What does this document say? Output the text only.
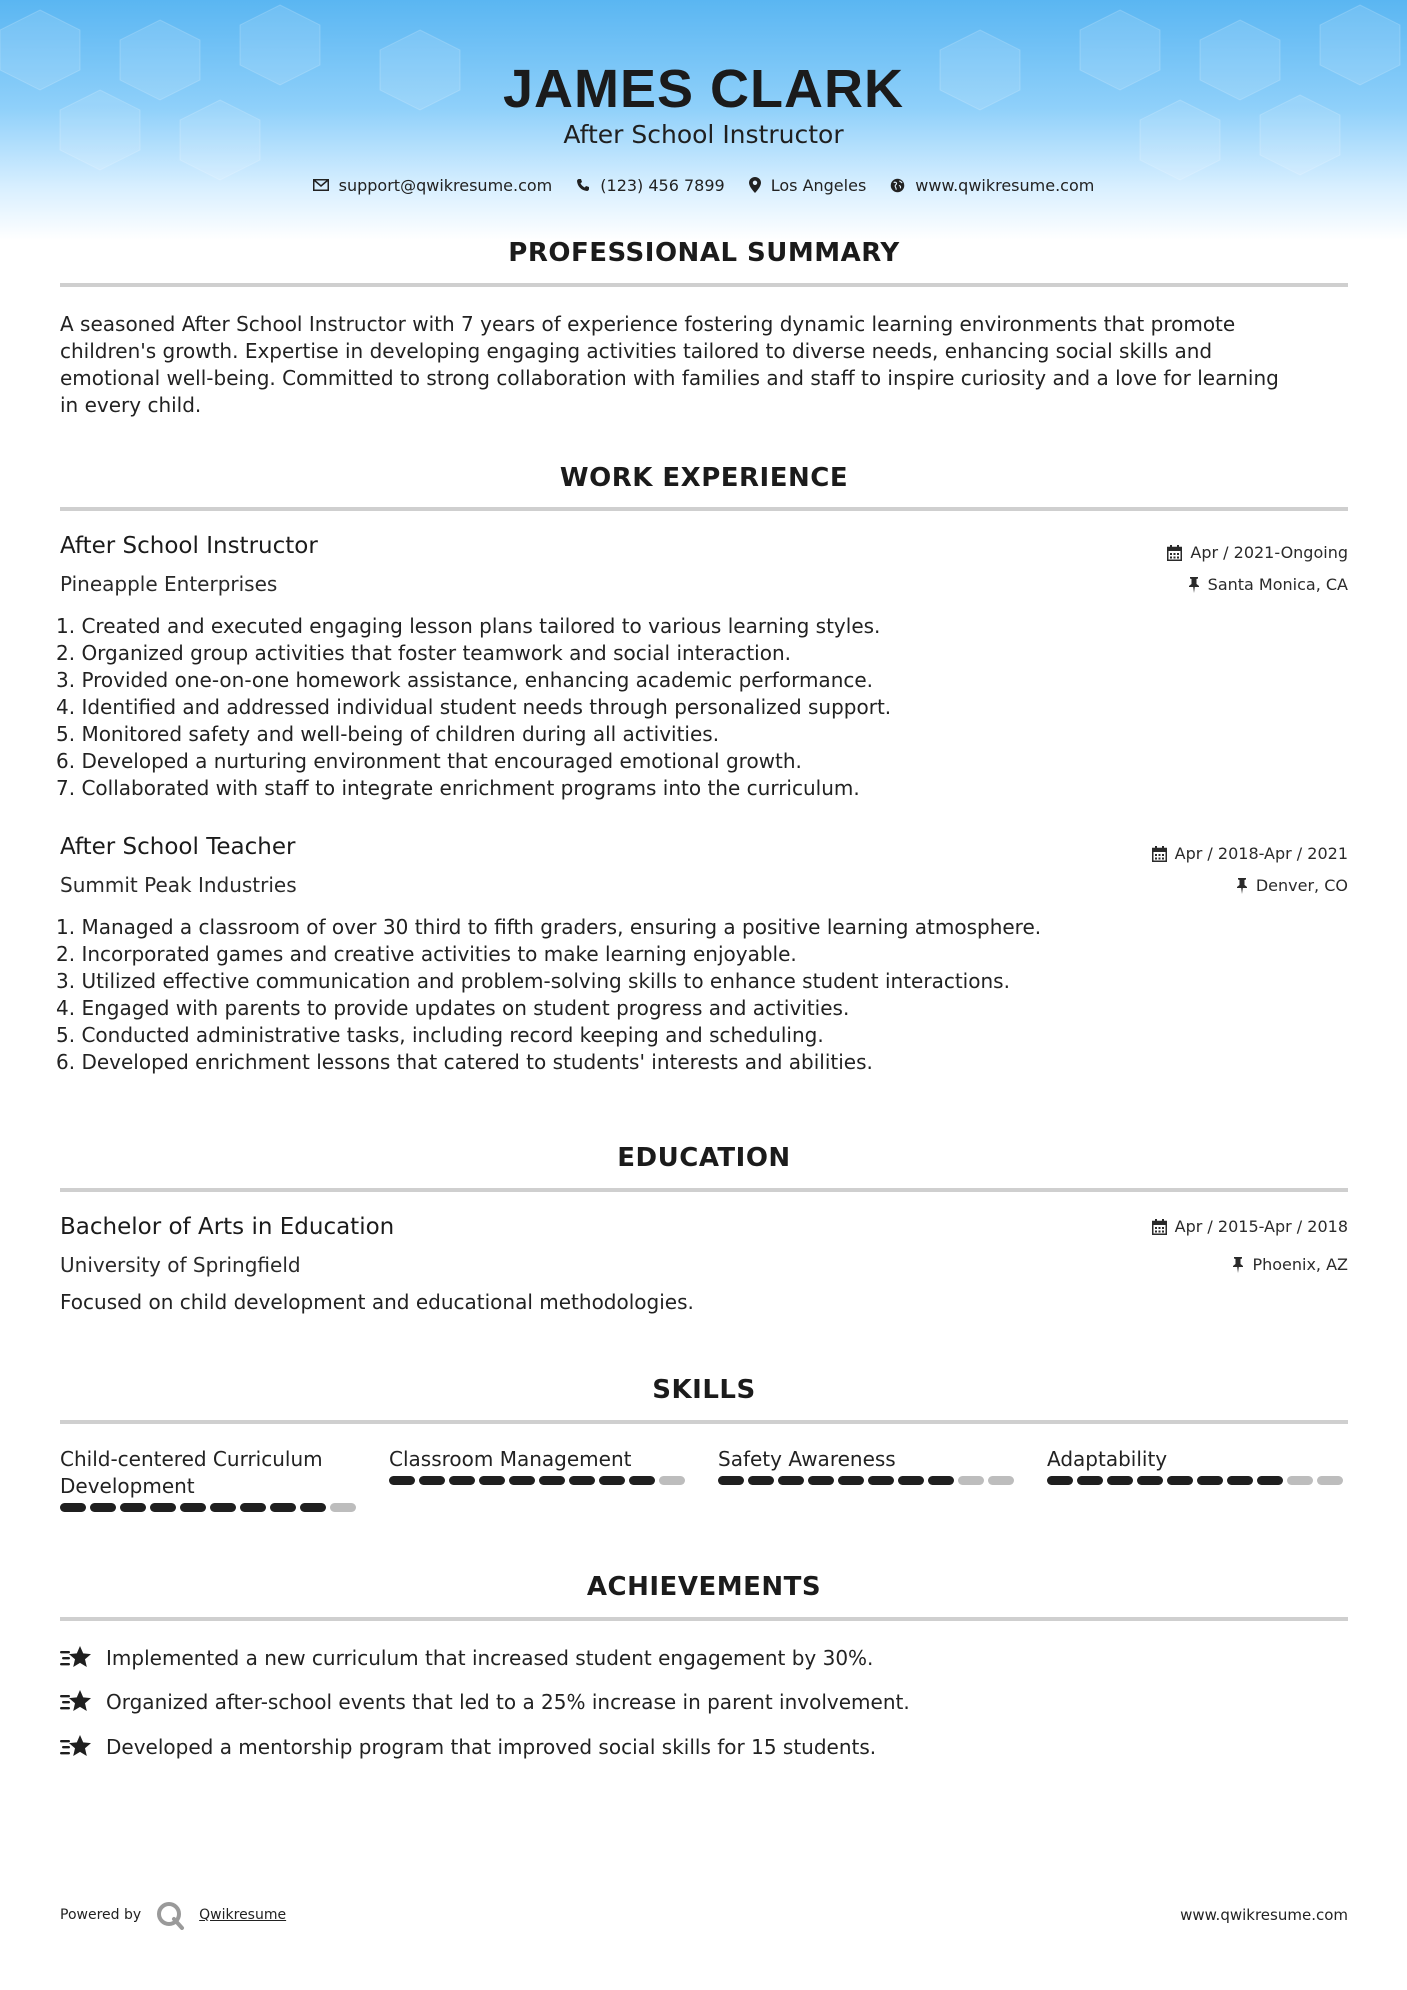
JAMES CLARK
After School Instructor
support@qwikresume.com	(123) 456 7899	Los Angeles	www.qwikresume.com
PROFESSIONAL SUMMARY
A seasoned After School Instructor with 7 years of experience fostering dynamic learning environments that promote
children's growth. Expertise in developing engaging activities tailored to diverse needs, enhancing social skills and
emotional well-being. Committed to strong collaboration with families and staff to inspire curiosity and a love for learning
in every child.
WORK EXPERIENCE
After School Instructor	Apr / 2021-Ongoing
Pineapple Enterprises	Santa Monica, CA
1. Created and executed engaging lesson plans tailored to various learning styles.
2. Organized group activities that foster teamwork and social interaction.
3. Provided one-on-one homework assistance, enhancing academic performance.
4. Identified and addressed individual student needs through personalized support.
5. Monitored safety and well-being of children during all activities.
6. Developed a nurturing environment that encouraged emotional growth.
7. Collaborated with staff to integrate enrichment programs into the curriculum.
After School Teacher	Apr / 2018-Apr / 2021
Summit Peak Industries	Denver, CO
1. Managed a classroom of over 30 third to fifth graders, ensuring a positive learning atmosphere.
2. Incorporated games and creative activities to make learning enjoyable.
3. Utilized effective communication and problem-solving skills to enhance student interactions.
4. Engaged with parents to provide updates on student progress and activities.
5. Conducted administrative tasks, including record keeping and scheduling.
6. Developed enrichment lessons that catered to students' interests and abilities.
EDUCATION
Bachelor of Arts in Education	Apr / 2015-Apr / 2018
University of Springfield	Phoenix, AZ
Focused on child development and educational methodologies.
SKILLS
Child-centered Curriculum
Development
Classroom Management	Safety Awareness	Adaptability
ACHIEVEMENTS
Implemented a new curriculum that increased student engagement by 30%.
Organized after-school events that led to a 25% increase in parent involvement.
Developed a mentorship program that improved social skills for 15 students.
Powered by	Qwikresume	www.qwikresume.com
